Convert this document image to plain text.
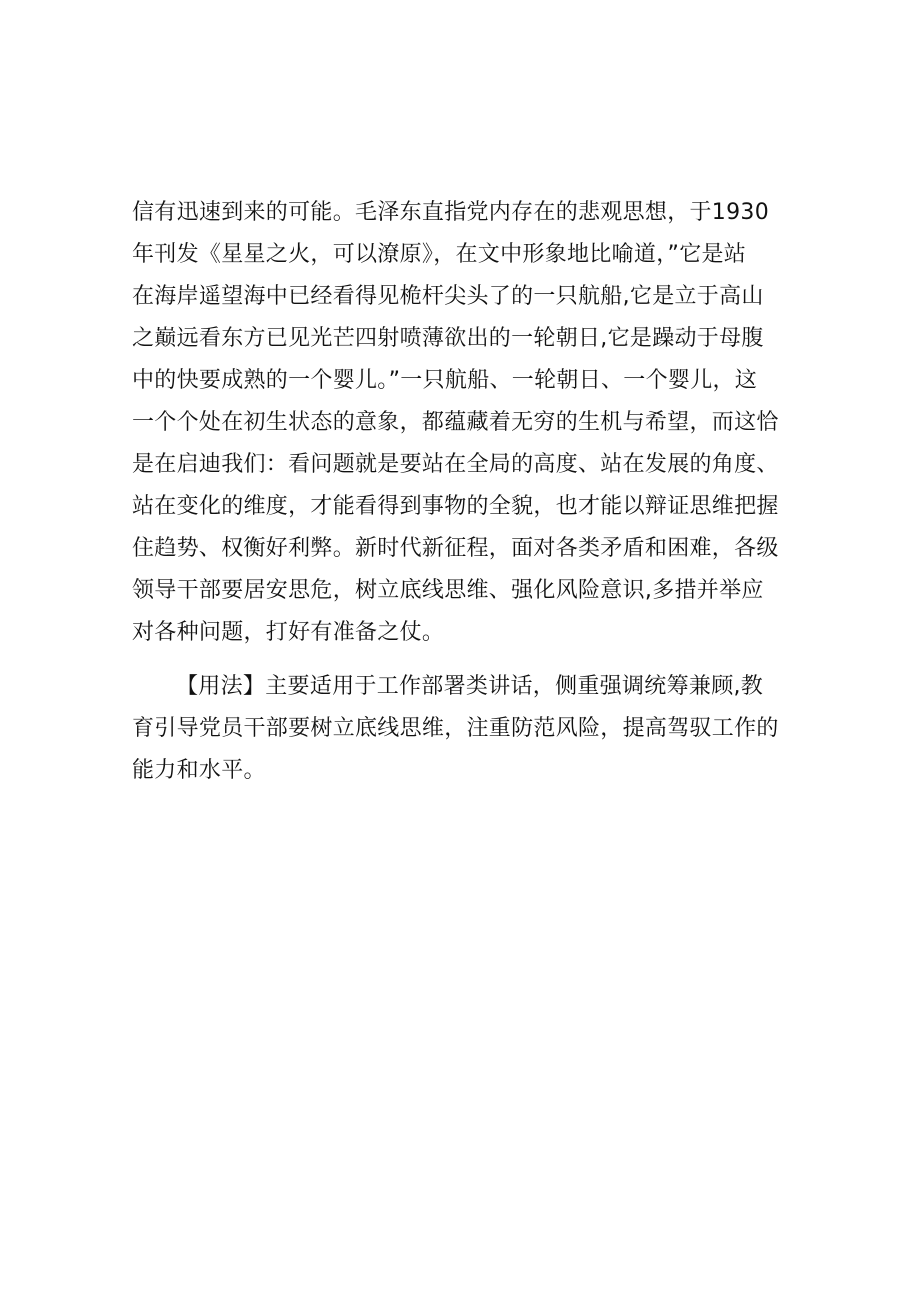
信有迅速到来的可能。毛泽东直指党内存在的悲观思想，于1930
年刊发《星星之火，可以潦原》，在文中形象地比喻道，”它是站
在海岸遥望海中已经看得见桅杆尖头了的一只航船,它是立于高山
之巅远看东方已见光芒四射喷薄欲出的一轮朝日,它是躁动于母腹
中的快要成熟的一个婴儿。”一只航船、一轮朝日、一个婴儿，这
一个个处在初生状态的意象，都蕴藏着无穷的生机与希望，而这恰
是在启迪我们：看问题就是要站在全局的高度、站在发展的角度、
站在变化的维度，才能看得到事物的全貌，也才能以辩证思维把握
住趋势、权衡好利弊。新时代新征程，面对各类矛盾和困难，各级
领导干部要居安思危，树立底线思维、强化风险意识,多措并举应
对各种问题，打好有准备之仗。
【用法】主要适用于工作部署类讲话，侧重强调统筹兼顾,教
育引导党员干部要树立底线思维，注重防范风险，提高驾驭工作的
能力和水平。
